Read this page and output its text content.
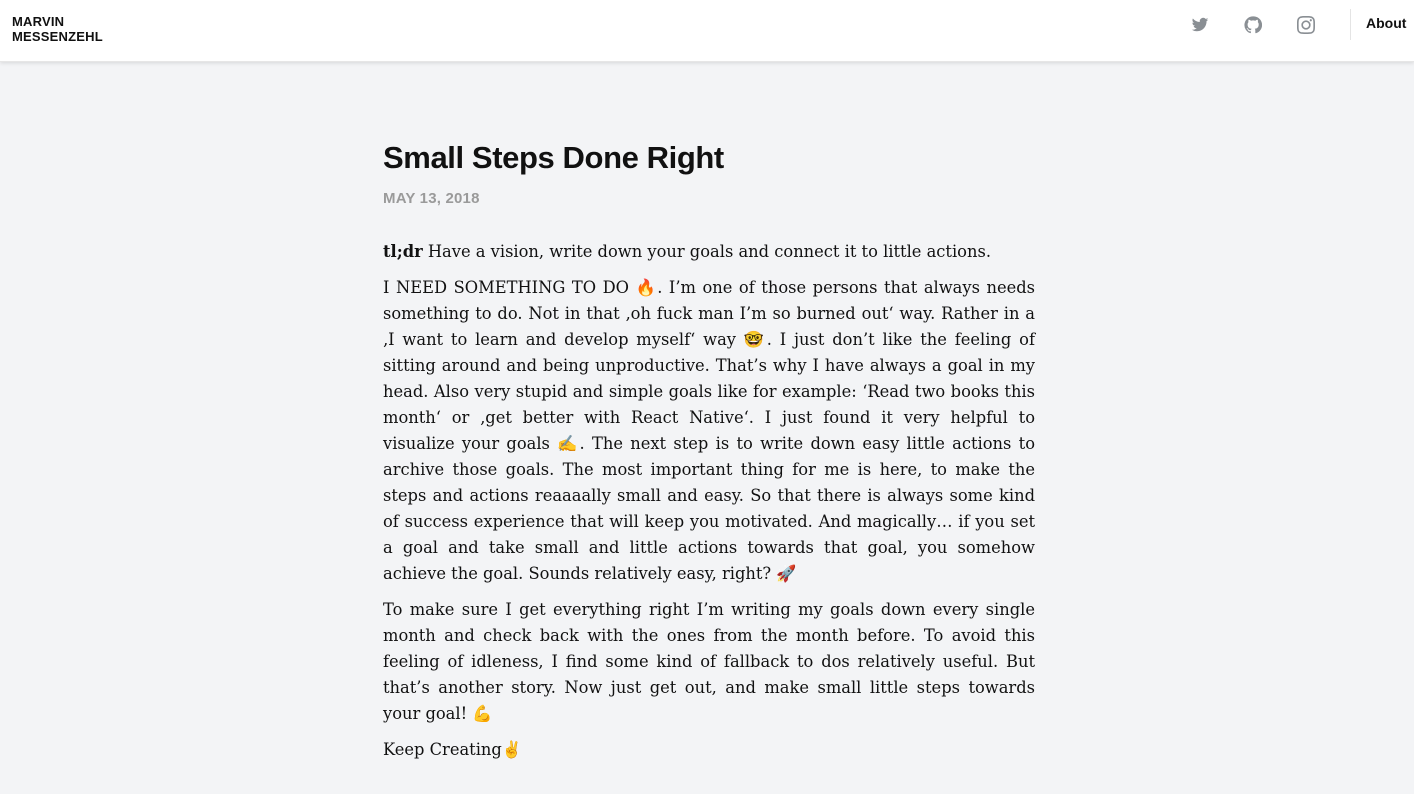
MARVIN
MESSENZEHL
About
Small Steps Done Right
MAY 13, 2018

tl;dr Have a vision, write down your goals and connect it to little actions.

I NEED SOMETHING TO DO 🔥. I’m one of those persons that always needs something to do. Not in that ‚oh fuck man I’m so burned out‘ way. Rather in a ‚I want to learn and develop myself‘ way 🤓. I just don’t like the feeling of sitting around and being unproductive. That’s why I have always a goal in my head. Also very stupid and simple goals like for example: ‘Read two books this month‘ or ‚get better with React Native‘. I just found it very helpful to visualize your goals ✍️. The next step is to write down easy little actions to archive those goals. The most important thing for me is here, to make the steps and actions reaaaally small and easy. So that there is always some kind of success experience that will keep you motivated. And magically… if you set a goal and take small and little actions towards that goal, you somehow achieve the goal. Sounds relatively easy, right? 🚀

To make sure I get everything right I’m writing my goals down every single month and check back with the ones from the month before. To avoid this feeling of idleness, I find some kind of fallback to dos relatively useful. But that’s another story. Now just get out, and make small little steps towards your goal! 💪

Keep Creating✌️
